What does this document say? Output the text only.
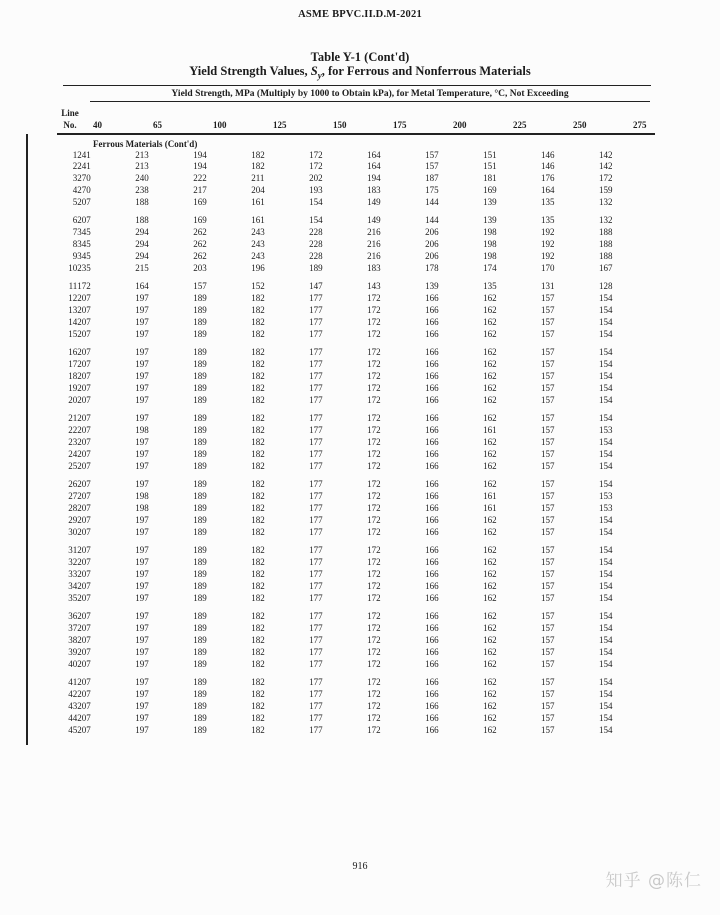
ASME BPVC.II.D.M-2021
Table Y-1 (Cont'd)
Yield Strength Values, $S_y$, for Ferrous and Nonferrous Materials
Yield Strength, MPa (Multiply by 1000 to Obtain kPa), for Metal Temperature, °C, Not Exceeding
Line
No.	40	65	100	125	150	175	200	225	250	275
Ferrous Materials (Cont'd)
1 241	213	194	182	172	164	157	151	146	142
2 241	213	194	182	172	164	157	151	146	142
3 270	240	222	211	202	194	187	181	176	172
4 270	238	217	204	193	183	175	169	164	159
5 207	188	169	161	154	149	144	139	135	132
6 207	188	169	161	154	149	144	139	135	132
7 345	294	262	243	228	216	206	198	192	188
8 345	294	262	243	228	216	206	198	192	188
9 345	294	262	243	228	216	206	198	192	188
10 235	215	203	196	189	183	178	174	170	167
11 172	164	157	152	147	143	139	135	131	128
12 207	197	189	182	177	172	166	162	157	154
13 207	197	189	182	177	172	166	162	157	154
14 207	197	189	182	177	172	166	162	157	154
15 207	197	189	182	177	172	166	162	157	154
16 207	197	189	182	177	172	166	162	157	154
17 207	197	189	182	177	172	166	162	157	154
18 207	197	189	182	177	172	166	162	157	154
19 207	197	189	182	177	172	166	162	157	154
20 207	197	189	182	177	172	166	162	157	154
21 207	197	189	182	177	172	166	162	157	154
22 207	198	189	182	177	172	166	161	157	153
23 207	197	189	182	177	172	166	162	157	154
24 207	197	189	182	177	172	166	162	157	154
25 207	197	189	182	177	172	166	162	157	154
26 207	197	189	182	177	172	166	162	157	154
27 207	198	189	182	177	172	166	161	157	153
28 207	198	189	182	177	172	166	161	157	153
29 207	197	189	182	177	172	166	162	157	154
30 207	197	189	182	177	172	166	162	157	154
31 207	197	189	182	177	172	166	162	157	154
32 207	197	189	182	177	172	166	162	157	154
33 207	197	189	182	177	172	166	162	157	154
34 207	197	189	182	177	172	166	162	157	154
35 207	197	189	182	177	172	166	162	157	154
36 207	197	189	182	177	172	166	162	157	154
37 207	197	189	182	177	172	166	162	157	154
38 207	197	189	182	177	172	166	162	157	154
39 207	197	189	182	177	172	166	162	157	154
40 207	197	189	182	177	172	166	162	157	154
41 207	197	189	182	177	172	166	162	157	154
42 207	197	189	182	177	172	166	162	157	154
43 207	197	189	182	177	172	166	162	157	154
44 207	197	189	182	177	172	166	162	157	154
45 207	197	189	182	177	172	166	162	157	154
916
知乎 @陈仁
